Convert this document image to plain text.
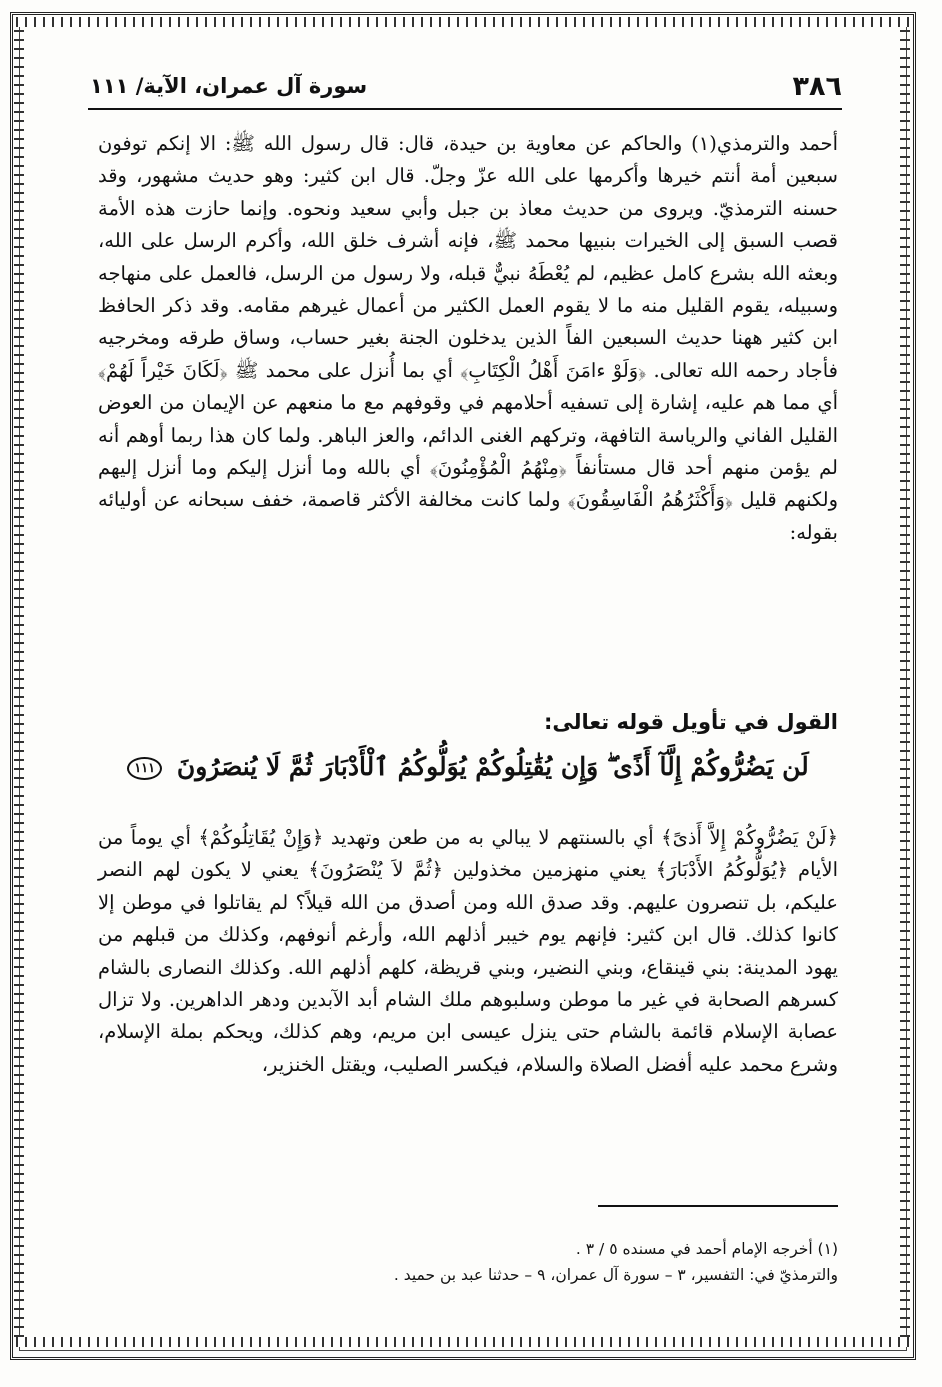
٣٨٦
سورة آل عمران، الآية/ ١١١

أحمد والترمذي(١) والحاكم عن معاوية بن حيدة، قال: قال رسول الله ﷺ: الا إنكم توفون سبعين أمة أنتم خيرها وأكرمها على الله عزّ وجلّ. قال ابن كثير: وهو حديث مشهور، وقد حسنه الترمذيّ. ويروى من حديث معاذ بن جبل وأبي سعيد ونحوه. وإنما حازت هذه الأمة قصب السبق إلى الخيرات بنبيها محمد ﷺ، فإنه أشرف خلق الله، وأكرم الرسل على الله، وبعثه الله بشرع كامل عظيم، لم يُعْطَهُ نبيٌّ قبله، ولا رسول من الرسل، فالعمل على منهاجه وسبيله، يقوم القليل منه ما لا يقوم العمل الكثير من أعمال غيرهم مقامه. وقد ذكر الحافظ ابن كثير ههنا حديث السبعين الفاً الذين يدخلون الجنة بغير حساب، وساق طرقه ومخرجيه فأجاد رحمه الله تعالى. ﴿وَلَوْ ءامَنَ أَهْلُ الْكِتَابِ﴾ أي بما أُنزل على محمد ﷺ ﴿لَكَانَ خَيْراً لَهُمْ﴾ أي مما هم عليه، إشارة إلى تسفيه أحلامهم في وقوفهم مع ما منعهم عن الإيمان من العوض القليل الفاني والرياسة التافهة، وتركهم الغنى الدائم، والعز الباهر. ولما كان هذا ربما أوهم أنه لم يؤمن منهم أحد قال مستأنفاً ﴿مِنْهُمُ الْمُؤْمِنُونَ﴾ أي بالله وما أنزل إليكم وما أنزل إليهم ولكنهم قليل ﴿وَأَكْثَرُهُمُ الْفَاسِقُونَ﴾ ولما كانت مخالفة الأكثر قاصمة، خفف سبحانه عن أوليائه بقوله:

القول في تأويل قوله تعالى:
لَن يَضُرُّوكُمْ إِلَّآ أَذًى ۖ وَإِن يُقَٰتِلُوكُمْ يُوَلُّوكُمُ ٱلْأَدْبَارَ ثُمَّ لَا يُنصَرُونَ ١١١

﴿لَنْ يَضُرُّوكُمْ إِلاَّ أَذىً﴾ أي بالسنتهم لا يبالي به من طعن وتهديد ﴿وَإِنْ يُقَاتِلُوكُمْ﴾ أي يوماً من الأيام ﴿يُوَلُّوكُمُ الأَدْبَارَ﴾ يعني منهزمين مخذولين ﴿ثُمَّ لاَ يُنْصَرُونَ﴾ يعني لا يكون لهم النصر عليكم، بل تنصرون عليهم. وقد صدق الله ومن أصدق من الله قيلاً؟ لم يقاتلوا في موطن إلا كانوا كذلك. قال ابن كثير: فإنهم يوم خيبر أذلهم الله، وأرغم أنوفهم، وكذلك من قبلهم من يهود المدينة: بني قينقاع، وبني النضير، وبني قريظة، كلهم أذلهم الله. وكذلك النصارى بالشام كسرهم الصحابة في غير ما موطن وسلبوهم ملك الشام أبد الآبدين ودهر الداهرين. ولا تزال عصابة الإسلام قائمة بالشام حتى ينزل عيسى ابن مريم، وهم كذلك، ويحكم بملة الإسلام، وشرع محمد عليه أفضل الصلاة والسلام، فيكسر الصليب، ويقتل الخنزير،

(١) أخرجه الإمام أحمد في مسنده ٥ / ٣ .

والترمذيّ في: التفسير، ٣ – سورة آل عمران، ٩ – حدثنا عبد بن حميد .
